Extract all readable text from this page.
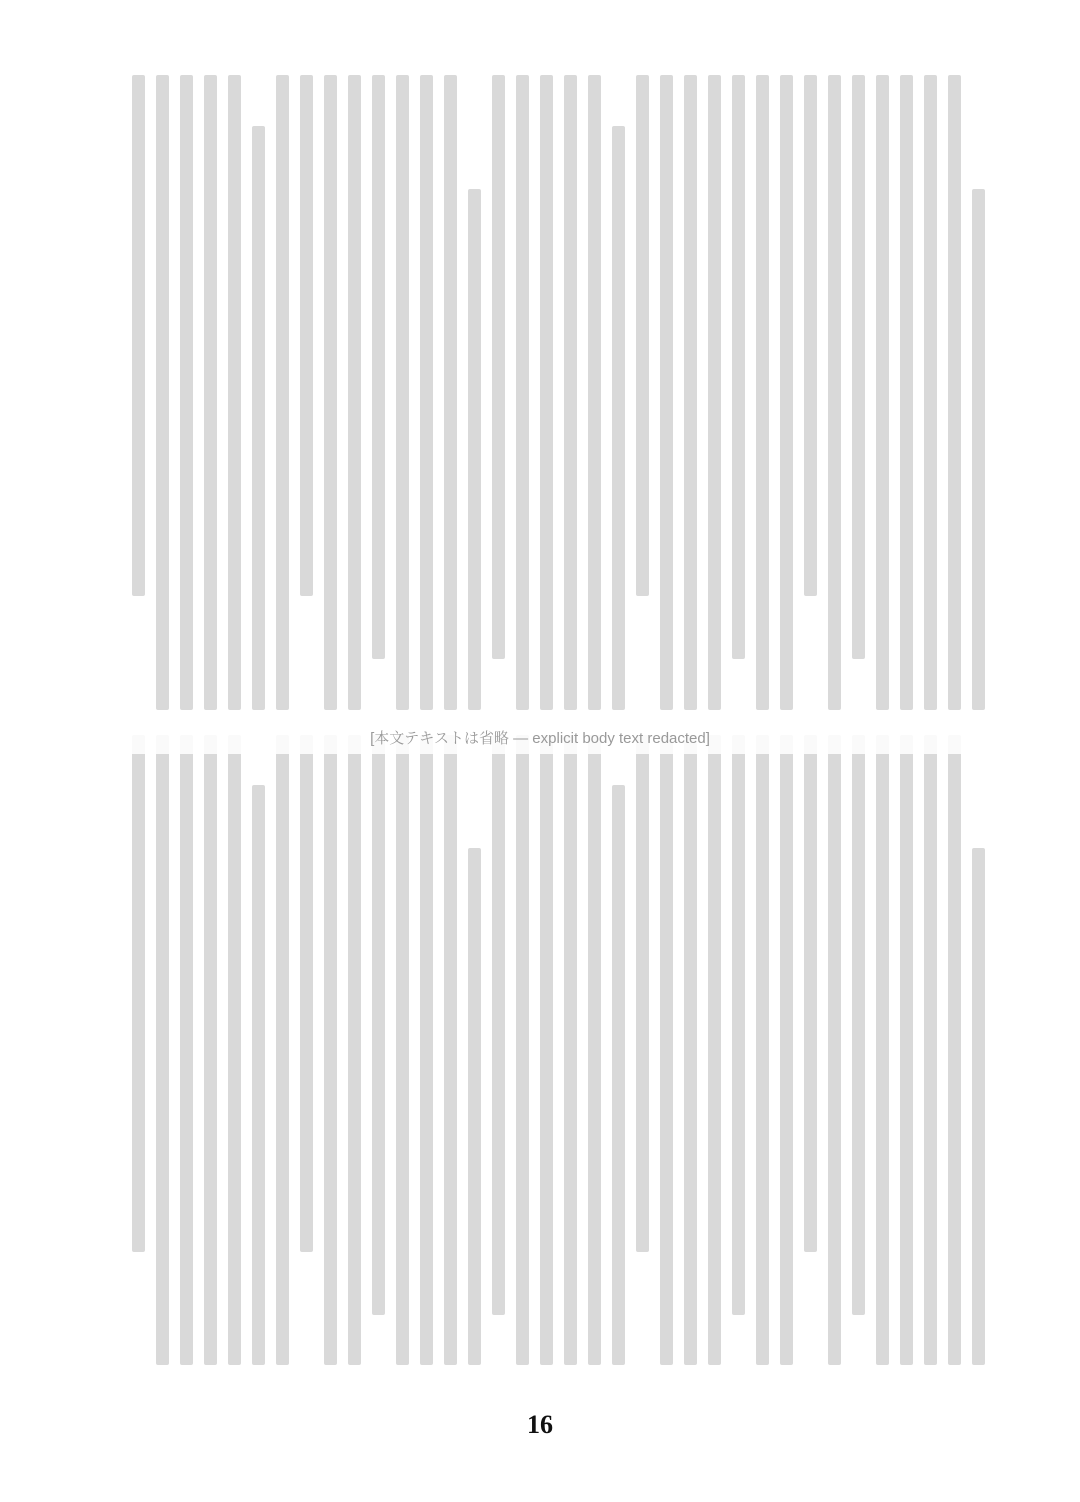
[本文テキストは省略 — explicit body text redacted]
16
